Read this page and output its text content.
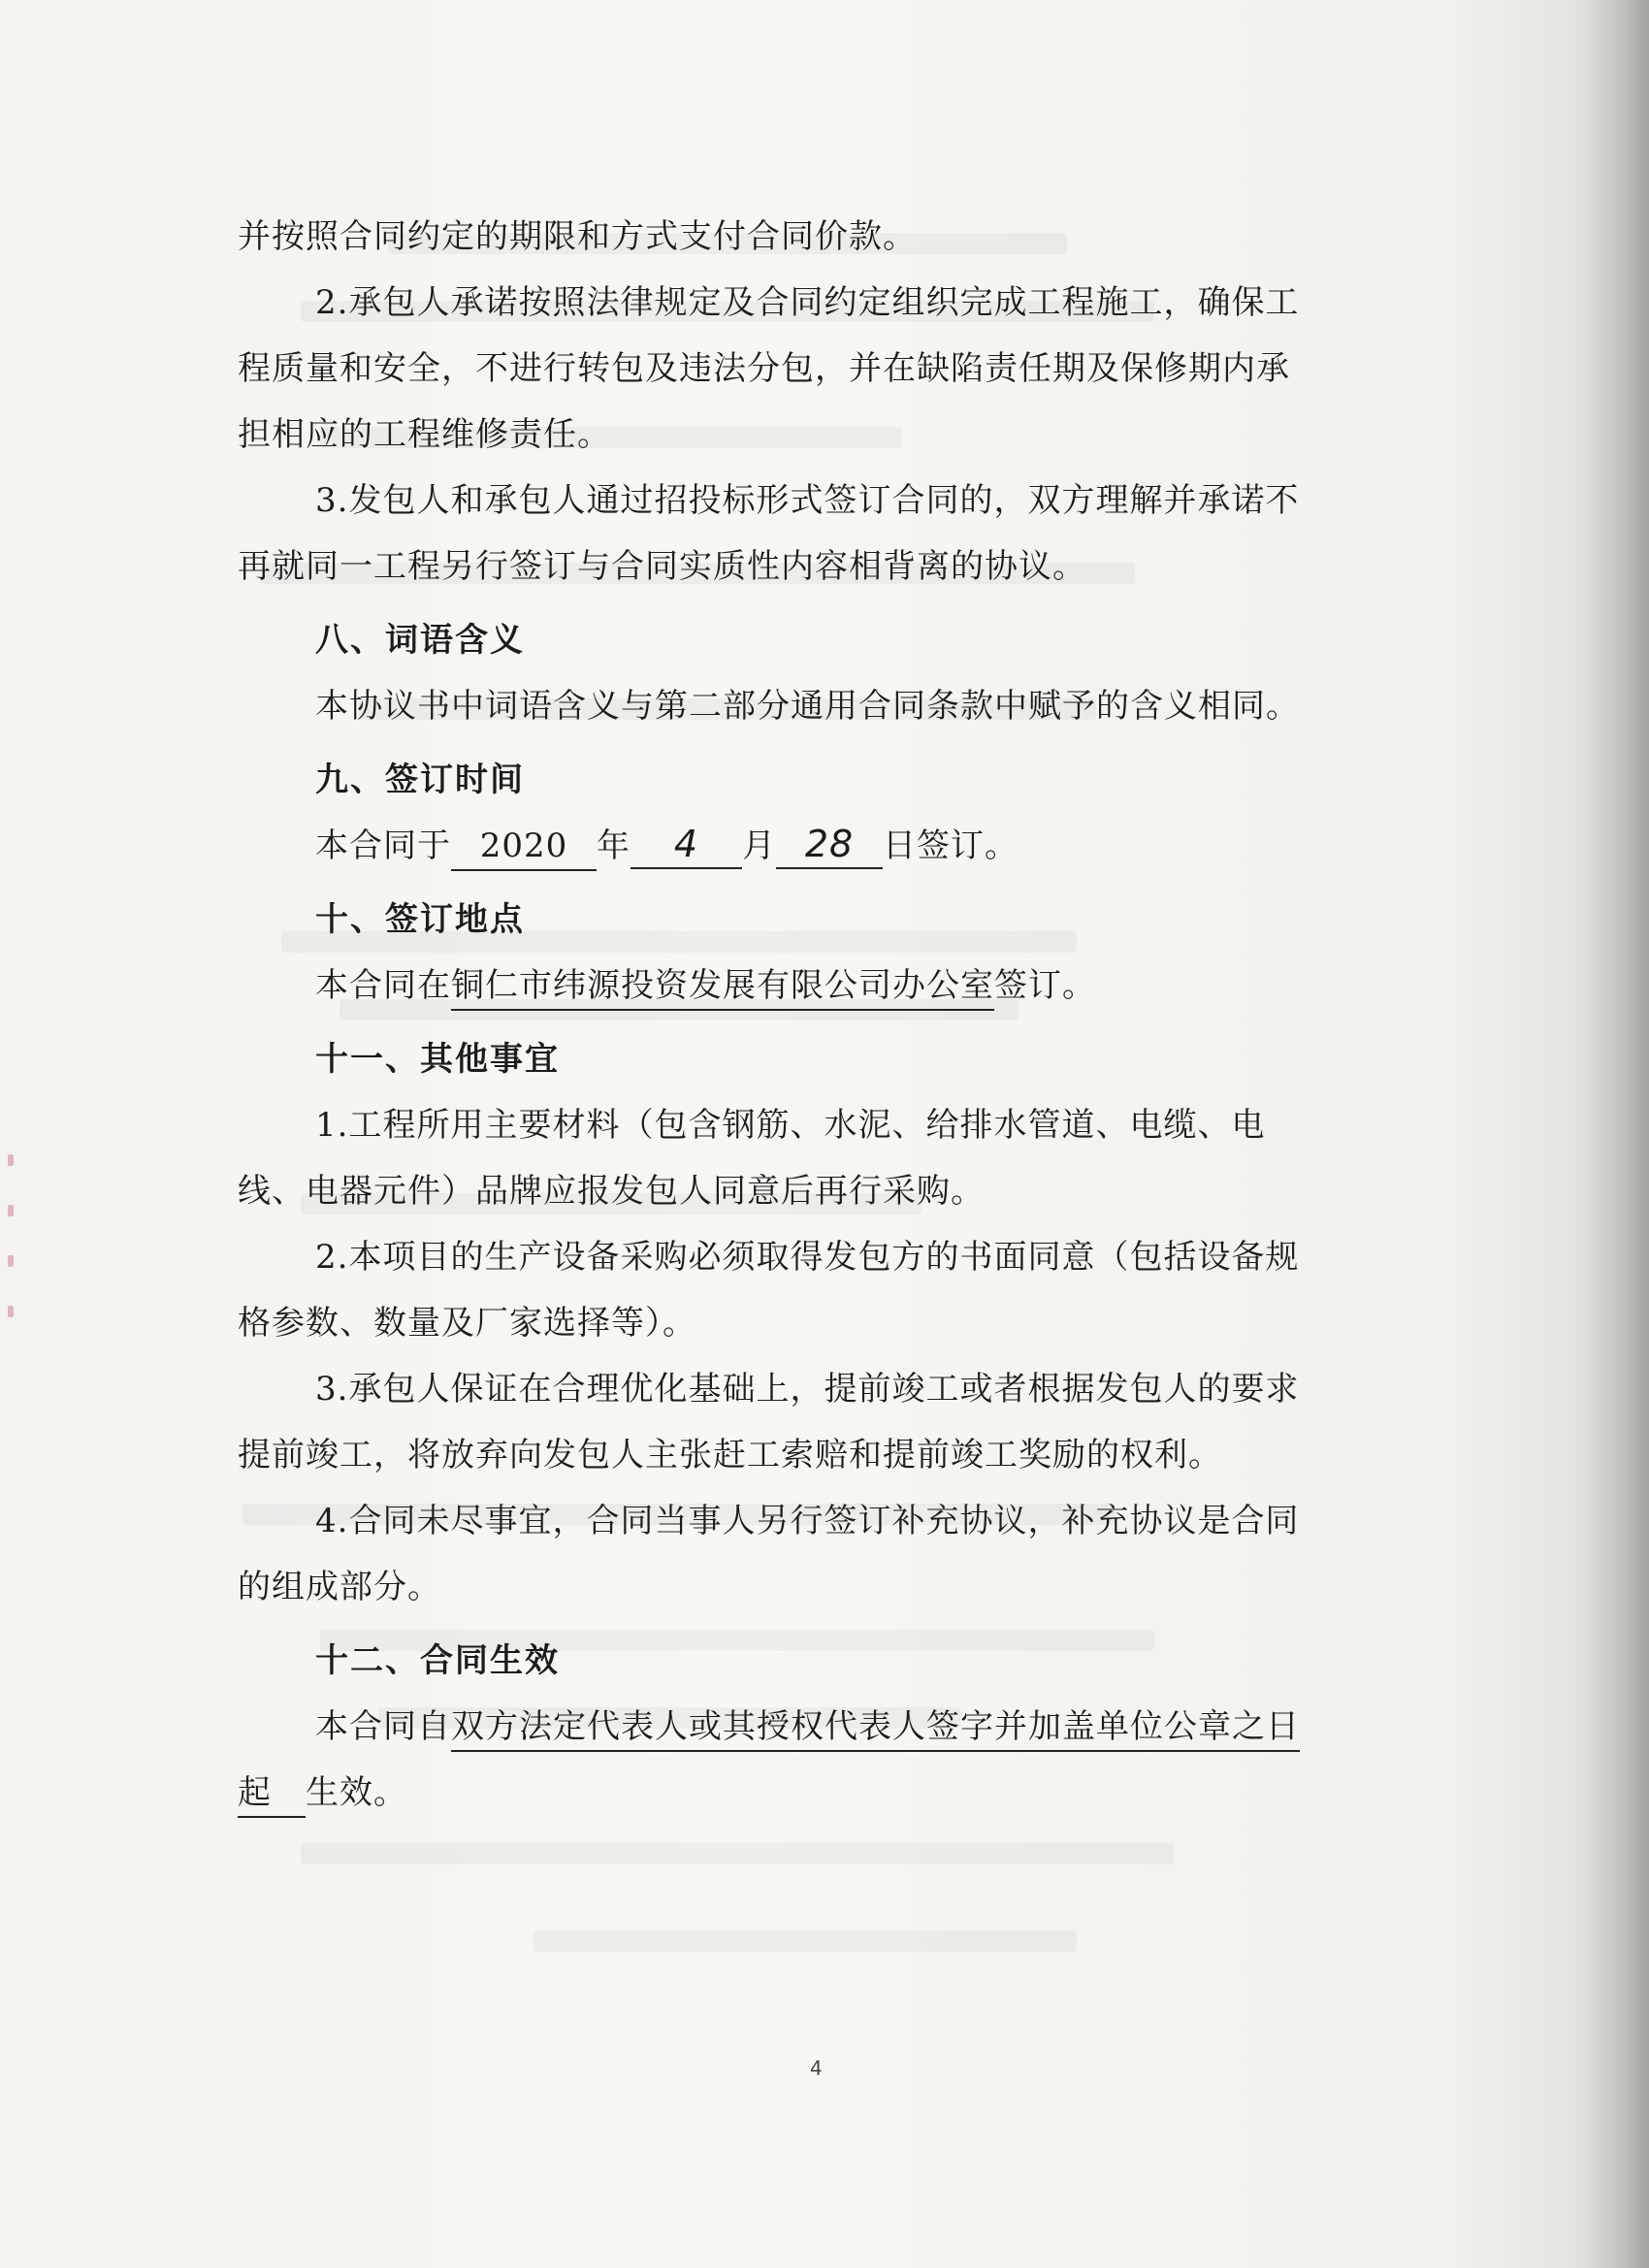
并按照合同约定的期限和方式支付合同价款。
2.承包人承诺按照法律规定及合同约定组织完成工程施工，确保工
程质量和安全，不进行转包及违法分包，并在缺陷责任期及保修期内承
担相应的工程维修责任。
3.发包人和承包人通过招投标形式签订合同的，双方理解并承诺不
再就同一工程另行签订与合同实质性内容相背离的协议。
八、词语含义
本协议书中词语含义与第二部分通用合同条款中赋予的含义相同。
九、签订时间
本合同于 2020 年 4 月 28 日签订。
十、签订地点
本合同在铜仁市纬源投资发展有限公司办公室签订。
十一、其他事宜
1.工程所用主要材料（包含钢筋、水泥、给排水管道、电缆、电
线、电器元件）品牌应报发包人同意后再行采购。
2.本项目的生产设备采购必须取得发包方的书面同意（包括设备规
格参数、数量及厂家选择等）。
3.承包人保证在合理优化基础上，提前竣工或者根据发包人的要求
提前竣工，将放弃向发包人主张赶工索赔和提前竣工奖励的权利。
4.合同未尽事宜，合同当事人另行签订补充协议，补充协议是合同
的组成部分。
十二、合同生效
本合同自双方法定代表人或其授权代表人签字并加盖单位公章之日
起 生效。
4
